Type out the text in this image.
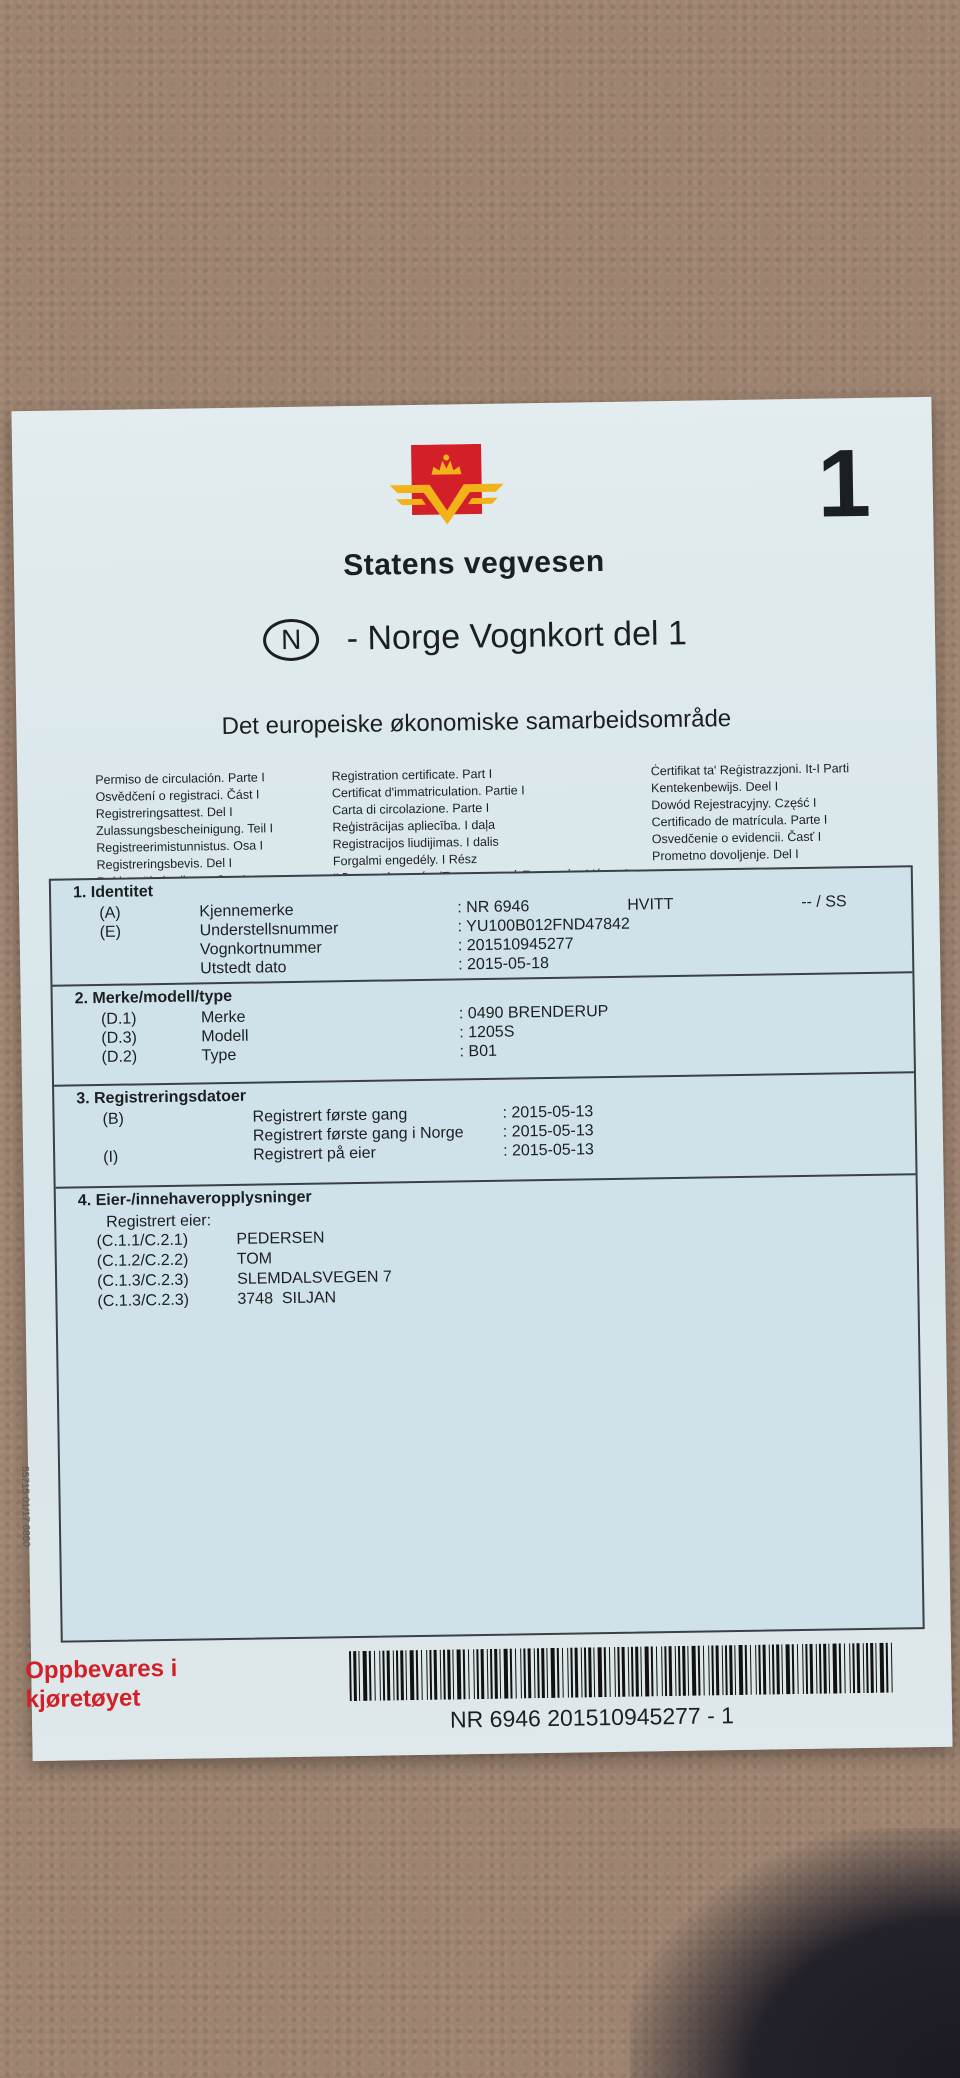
1
Statens vegvesen
N - Norge Vognkort del 1
Det europeiske økonomiske samarbeidsområde
Permiso de circulación. Parte I
Osvědčení o registraci. Část I
Registreringsattest. Del I
Zulassungsbescheinigung. Teil I
Registreerimistunnistus. Osa I
Registreringsbevis. Del I
Registration certificate. Part I
Certificat d'immatriculation. Partie I
Carta di circolazione. Parte I
Reģistrācijas apliecība. I daļa
Registracijos liudijimas. I dalis
Forgalmi engedély. I Rész
Ċertifikat ta' Reġistrazzjoni. It-I Parti
Kentekenbewijs. Deel I
Dowód Rejestracyjny. Część I
Certificado de matrícula. Parte I
Osvedčenie o evidencii. Časť I
Prometno dovoljenje. Del I
1. Identitet
(A)	Kjennemerke	: NR 6946	HVITT	-- / SS
(E)	Understellsnummer	: YU100B012FND47842
Vognkortnummer	: 201510945277
Utstedt dato	: 2015-05-18
2. Merke/modell/type
(D.1)	Merke	: 0490 BRENDERUP
(D.3)	Modell	: 1205S
(D.2)	Type	: B01
3. Registreringsdatoer
(B)	Registrert første gang	: 2015-05-13
Registrert første gang i Norge	: 2015-05-13
(I)	Registrert på eier	: 2015-05-13
4. Eier-/innehaveropplysninger
Registrert eier:
(C.1.1/C.2.1)	PEDERSEN
(C.1.2/C.2.2)	TOM
(C.1.3/C.2.3)	SLEMDALSVEGEN 7
(C.1.3/C.2.3)	3748  SILJAN
55715 01/17 6880
Oppbevares i
kjøretøyet
NR 6946 201510945277 - 1
